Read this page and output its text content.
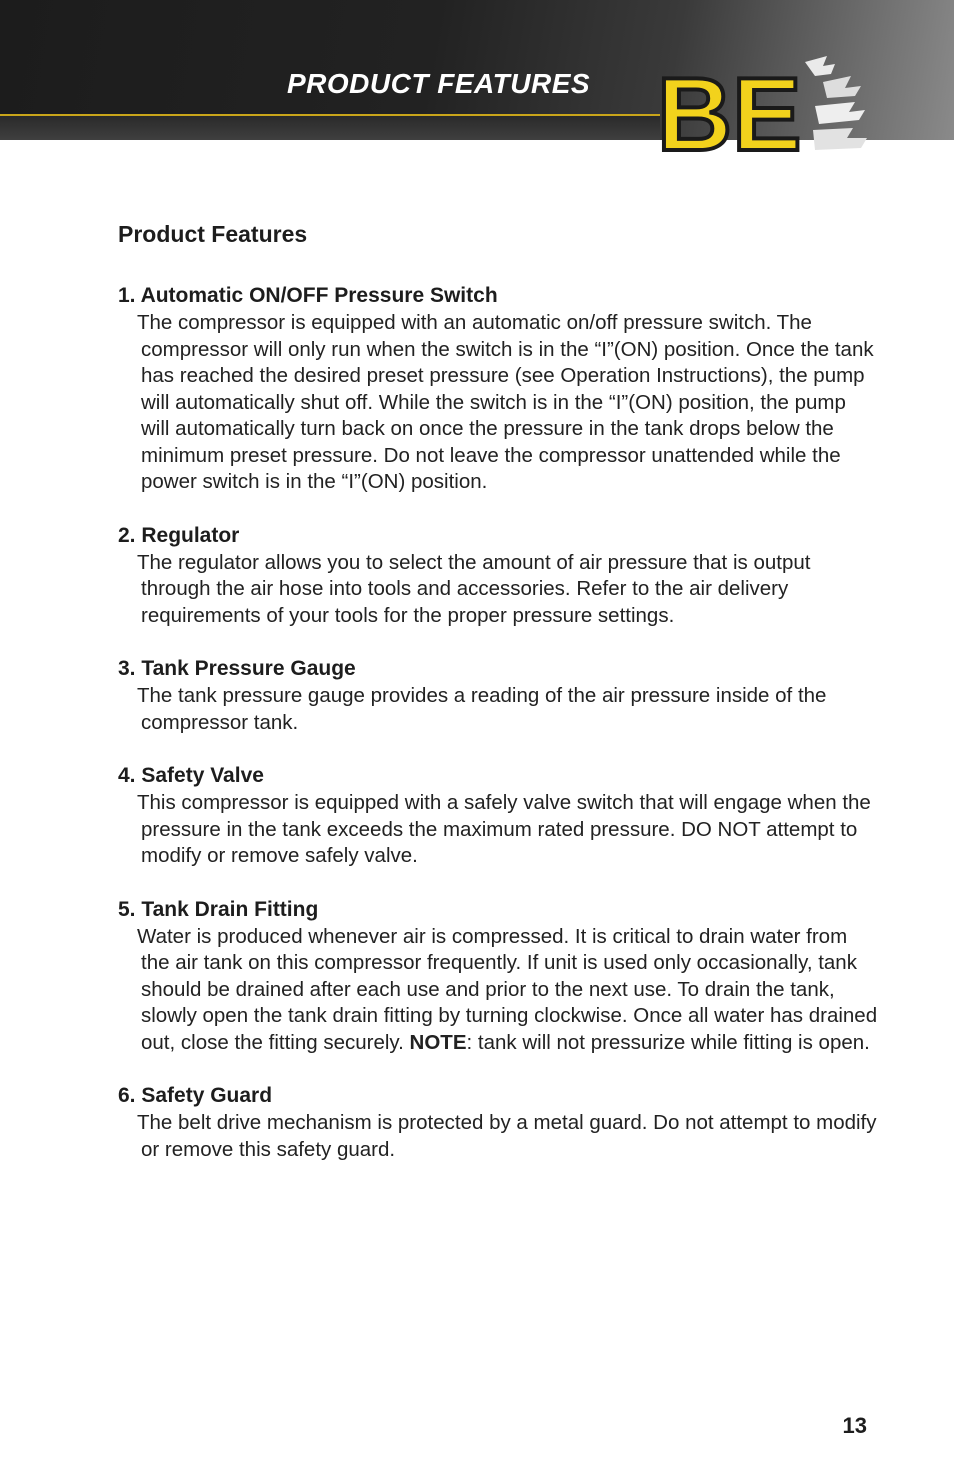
PRODUCT FEATURES BE
Product Features
1. Automatic ON/OFF Pressure Switch

The compressor is equipped with an automatic on/off pressure switch. The compressor will only run when the switch is in the “I”(ON) position. Once the tank has reached the desired preset pressure (see Operation Instructions), the pump will automatically shut off. While the switch is in the “I”(ON) position, the pump will automatically turn back on once the pressure in the tank drops below the minimum preset pressure. Do not leave the compressor unattended while the power switch is in the “I”(ON) position.

2. Regulator

The regulator allows you to select the amount of air pressure that is output through the air hose into tools and accessories. Refer to the air delivery requirements of your tools for the proper pressure settings.

3. Tank Pressure Gauge

The tank pressure gauge provides a reading of the air pressure inside of the compressor tank.

4. Safety Valve

This compressor is equipped with a safely valve switch that will engage when the pressure in the tank exceeds the maximum rated pressure. DO NOT attempt to modify or remove safely valve.

5. Tank Drain Fitting

Water is produced whenever air is compressed. It is critical to drain water from the air tank on this compressor frequently. If unit is used only occasionally, tank should be drained after each use and prior to the next use. To drain the tank, slowly open the tank drain fitting by turning clockwise. Once all water has drained out, close the fitting securely. NOTE: tank will not pressurize while fitting is open.

6. Safety Guard

The belt drive mechanism is protected by a metal guard. Do not attempt to modify or remove this safety guard.

13
